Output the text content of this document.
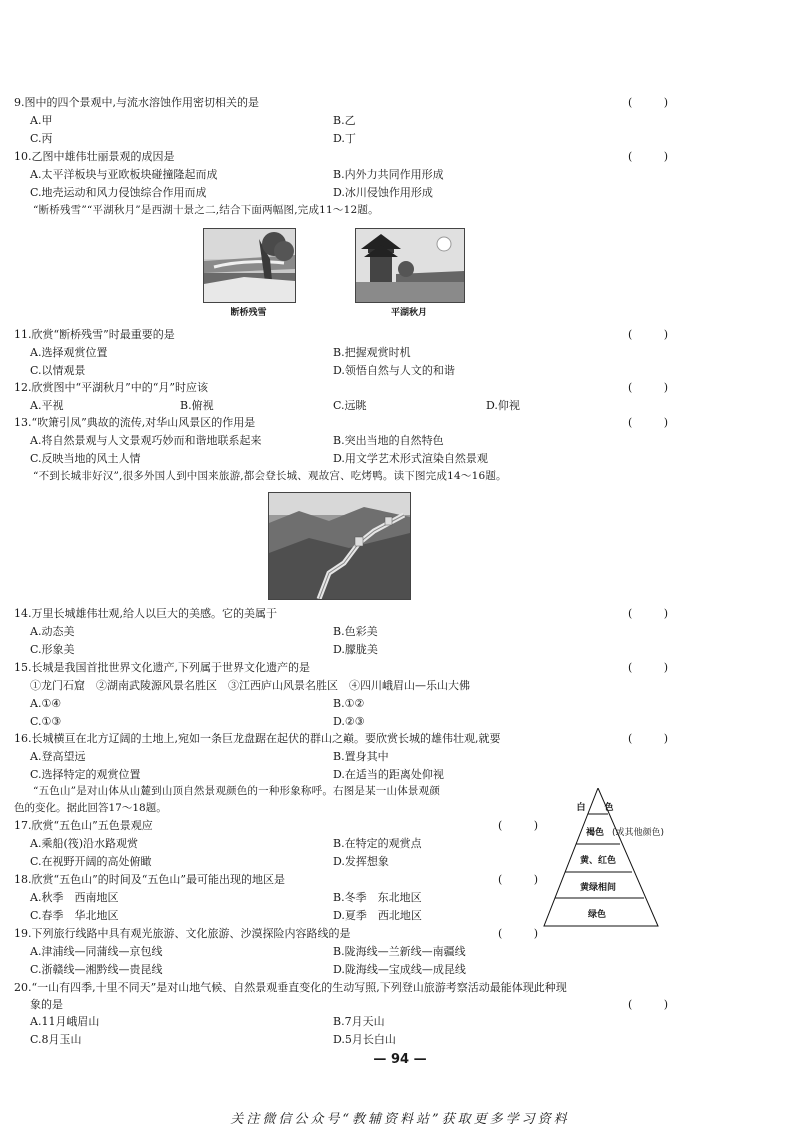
9.图中的四个景观中,与流水溶蚀作用密切相关的是	(	)
A.甲	B.乙
C.丙	D.丁
10.乙图中雄伟壮丽景观的成因是	(	)
A.太平洋板块与亚欧板块碰撞隆起而成	B.内外力共同作用形成
C.地壳运动和风力侵蚀综合作用而成	D.冰川侵蚀作用形成
“断桥残雪”“平湖秋月”是西湖十景之二,结合下面两幅图,完成11～12题。
断桥残雪	平湖秋月
11.欣赏“断桥残雪”时最重要的是	(	)
A.选择观赏位置	B.把握观赏时机
C.以情观景	D.领悟自然与人文的和谐
12.欣赏图中“平湖秋月”中的“月”时应该	(	)
A.平视	B.俯视	C.远眺	D.仰视
13.“吹箫引凤”典故的流传,对华山风景区的作用是	(	)
A.将自然景观与人文景观巧妙而和谐地联系起来	B.突出当地的自然特色
C.反映当地的风土人情	D.用文学艺术形式渲染自然景观
“不到长城非好汉”,很多外国人到中国来旅游,都会登长城、观故宫、吃烤鸭。读下图完成14～16题。
14.万里长城雄伟壮观,给人以巨大的美感。它的美属于	(	)
A.动态美	B.色彩美
C.形象美	D.朦胧美
15.长城是我国首批世界文化遗产,下列属于世界文化遗产的是	(	)
①龙门石窟　②湖南武陵源风景名胜区　③江西庐山风景名胜区　④四川峨眉山—乐山大佛
A.①④	B.①②
C.①③	D.②③
16.长城横亘在北方辽阔的土地上,宛如一条巨龙盘踞在起伏的群山之巅。要欣赏长城的雄伟壮观,就要	(	)
A.登高望远	B.置身其中
C.选择特定的观赏位置	D.在适当的距离处仰视
“五色山”是对山体从山麓到山顶自然景观颜色的一种形象称呼。右图是某一山体景观颜
色的变化。据此回答17～18题。	白 色
褐色 (或其他颜色)
黄、红色
黄绿相间
绿色
17.欣赏“五色山”五色景观应	(	)
A.乘船(筏)沿水路观赏	B.在特定的观赏点
C.在视野开阔的高处俯瞰	D.发挥想象
18.欣赏“五色山”的时间及“五色山”最可能出现的地区是	(	)
A.秋季　西南地区	B.冬季　东北地区
C.春季　华北地区	D.夏季　西北地区
19.下列旅行线路中具有观光旅游、文化旅游、沙漠探险内容路线的是	(	)
A.津浦线—同蒲线—京包线	B.陇海线—兰新线—南疆线
C.浙赣线—湘黔线—贵昆线	D.陇海线—宝成线—成昆线
20.“一山有四季,十里不同天”是对山地气候、自然景观垂直变化的生动写照,下列登山旅游考察活动最能体现此种现
象的是	(	)
A.11月峨眉山	B.7月天山
C.8月玉山	D.5月长白山
— 94 —
关注微信公众号“教辅资料站”获取更多学习资料
